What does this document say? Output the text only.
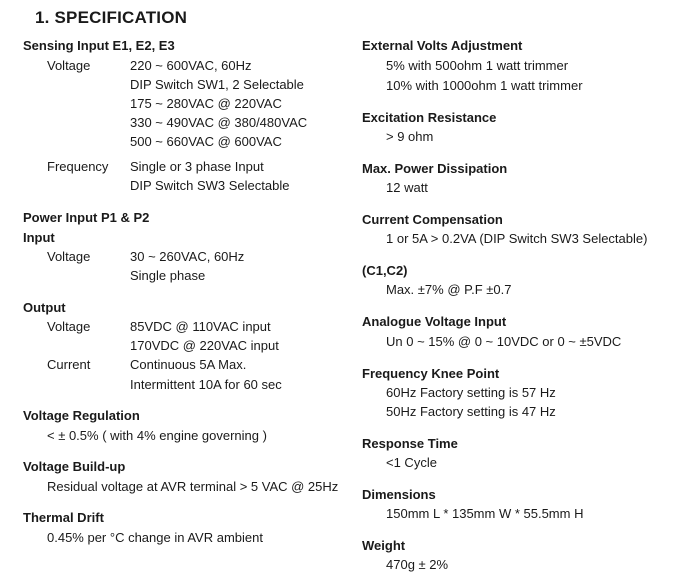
1. SPECIFICATION
Sensing Input E1, E2, E3
Voltage	220 ~ 600VAC, 60Hz
DIP Switch SW1, 2 Selectable
175 ~ 280VAC @ 220VAC
330 ~ 490VAC @ 380/480VAC
500 ~ 660VAC @ 600VAC
Frequency Single or 3 phase Input
DIP Switch SW3 Selectable
Power Input P1 & P2
Input
Voltage	30 ~ 260VAC, 60Hz
Single phase
Output
Voltage	85VDC @ 110VAC input
170VDC @ 220VAC input
Current	Continuous 5A Max.
Intermittent 10A for 60 sec
Voltage Regulation
< ± 0.5% ( with 4% engine governing )
Voltage Build-up
Residual voltage at AVR terminal > 5 VAC @ 25Hz
Thermal Drift
0.45% per °C change in AVR ambient
External Volts Adjustment
5% with 500ohm 1 watt trimmer
10% with 1000ohm 1 watt trimmer
Excitation Resistance
> 9 ohm
Max. Power Dissipation
12 watt
Current Compensation
1 or 5A > 0.2VA (DIP Switch SW3 Selectable)
(C1,C2)
Max. ±7% @ P.F ±0.7
Analogue Voltage Input
Un 0 ~ 15% @ 0 ~ 10VDC or 0 ~ ±5VDC
Frequency Knee Point
60Hz Factory setting is 57 Hz
50Hz Factory setting is 47 Hz
Response Time
<1 Cycle
Dimensions
150mm L * 135mm W * 55.5mm H
Weight
470g ± 2%
